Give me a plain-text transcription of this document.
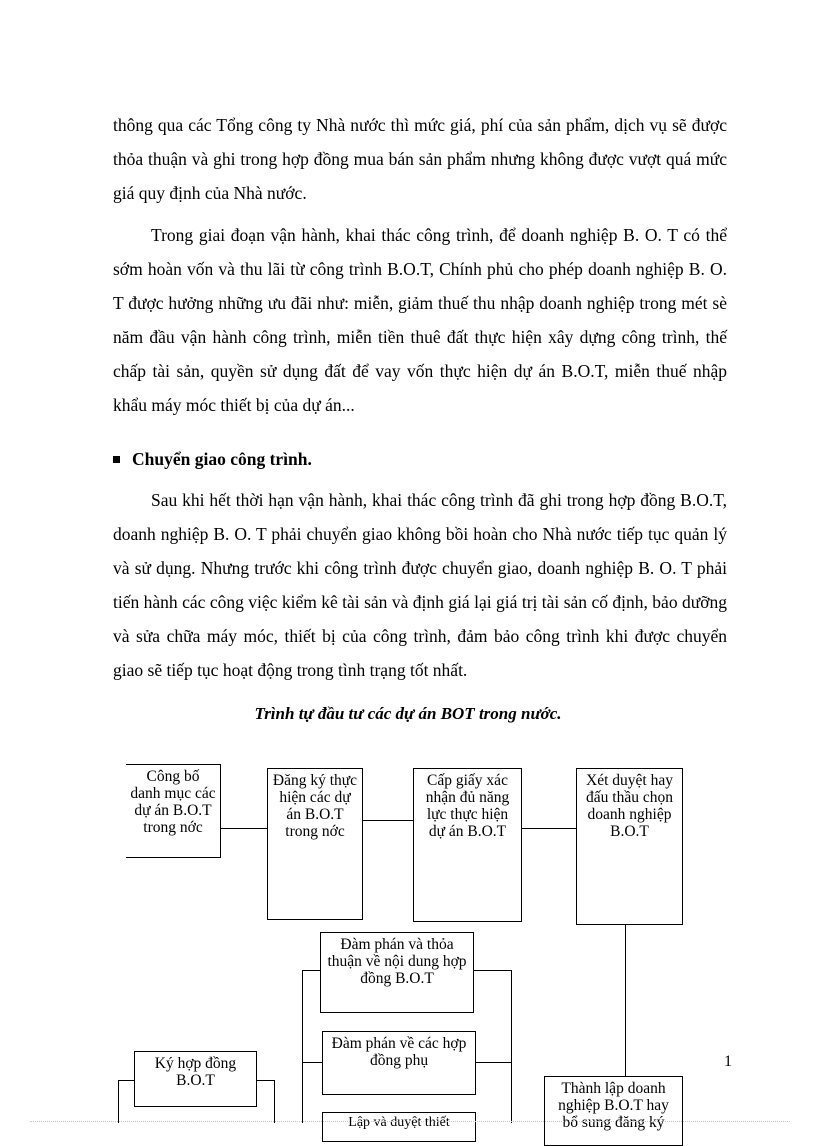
thông qua các Tổng công ty Nhà nước thì mức giá, phí của sản phẩm, dịch vụ sẽ được thỏa thuận và ghi trong hợp đồng mua bán sản phẩm nhưng không được vượt quá mức giá quy định của Nhà nước.

Trong giai đoạn vận hành, khai thác công trình, để doanh nghiệp B. O. T có thể sớm hoàn vốn và thu lãi từ công trình B.O.T, Chính phủ cho phép doanh nghiệp B. O. T được hưởng những ưu đãi như: miễn, giảm thuế thu nhập doanh nghiệp trong mét sè năm đầu vận hành công trình, miễn tiền thuê đất thực hiện xây dựng công trình, thế chấp tài sản, quyền sử dụng đất để vay vốn thực hiện dự án B.O.T, miễn thuế nhập khẩu máy móc thiết bị của dự án...

Chuyển giao công trình.

Sau khi hết thời hạn vận hành, khai thác công trình đã ghi trong hợp đồng B.O.T, doanh nghiệp B. O. T phải chuyển giao không bồi hoàn cho Nhà nước tiếp tục quản lý và sử dụng. Nhưng trước khi công trình được chuyển giao, doanh nghiệp B. O. T phải tiến hành các công việc kiểm kê tài sản và định giá lại giá trị tài sản cố định, bảo dưỡng và sửa chữa máy móc, thiết bị của công trình, đảm bảo công trình khi được chuyển giao sẽ tiếp tục hoạt động trong tình trạng tốt nhất.

Trình tự đầu tư các dự án BOT trong nước.

Công bố danh mục các dự án B.O.T trong nớc
Đăng ký thực hiện các dự án B.O.T trong nớc
Cấp giấy xác nhận đủ năng lực thực hiện dự án B.O.T
Xét duyệt hay đấu thầu chọn doanh nghiệp B.O.T
Đàm phán và thỏa thuận về nội dung hợp đồng B.O.T
Đàm phán về các hợp đồng phụ
Ký hợp đồng B.O.T
Lập và duyệt thiết
Thành lập doanh nghiệp B.O.T hay bổ sung đăng ký
1
